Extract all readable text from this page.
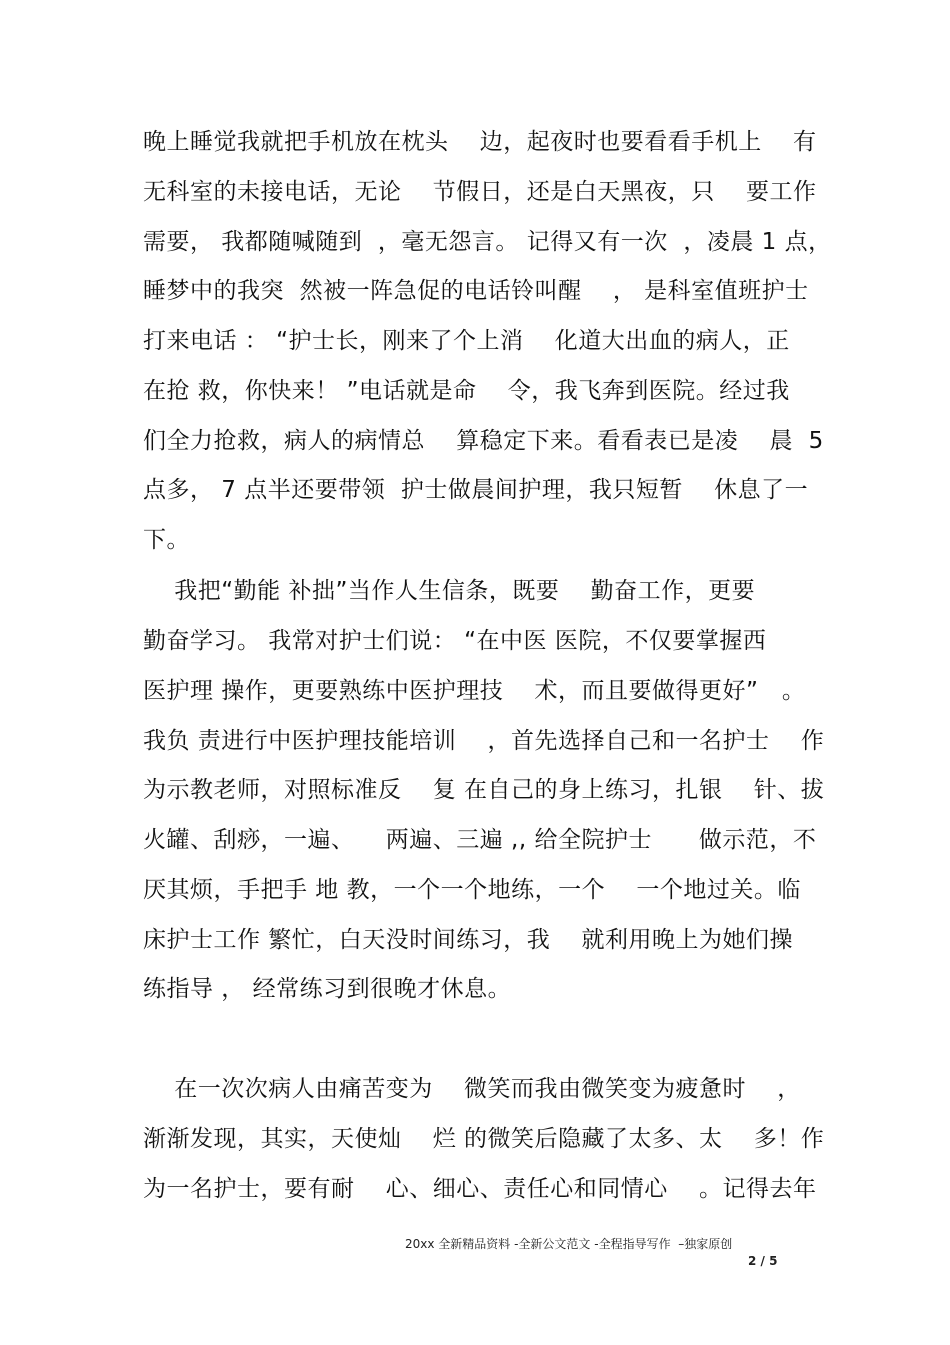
晚上睡觉我就把手机放在枕头    边，起夜时也要看看手机上    有
无科室的未接电话，无论    节假日，还是白天黑夜，只    要工作
需要， 我都随喊随到  ，毫无怨言。 记得又有一次  ，凌晨 1 点，
睡梦中的我突  然被一阵急促的电话铃叫醒    ， 是科室值班护士
打来电话 ： “护士长，刚来了个上消    化道大出血的病人，正
在抢 救，你快来！ ”电话就是命    令，我飞奔到医院。经过我
们全力抢救，病人的病情总    算稳定下来。看看表已是凌    晨  5
点多， 7 点半还要带领  护士做晨间护理，我只短暂    休息了一
下。
我把“勤能 补拙”当作人生信条，既要    勤奋工作，更要
勤奋学习。 我常对护士们说： “在中医 医院，不仅要掌握西
医护理 操作，更要熟练中医护理技    术，而且要做得更好”   。
我负 责进行中医护理技能培训    ，首先选择自己和一名护士    作
为示教老师，对照标准反    复 在自己的身上练习，扎银    针、拔
火罐、刮痧，一遍、    两遍、三遍 ,, 给全院护士      做示范，不
厌其烦，手把手 地 教，一个一个地练，一个    一个地过关。临
床护士工作 繁忙，白天没时间练习，我    就利用晚上为她们操
练指导 ， 经常练习到很晚才休息。
在一次次病人由痛苦变为    微笑而我由微笑变为疲惫时    ，
渐渐发现，其实，天使灿    烂 的微笑后隐藏了太多、太    多！作
为一名护士，要有耐    心、细心、责任心和同情心    。记得去年
20xx 全新精品资料 -全新公文范文 -全程指导写作  –独家原创
2 / 5
